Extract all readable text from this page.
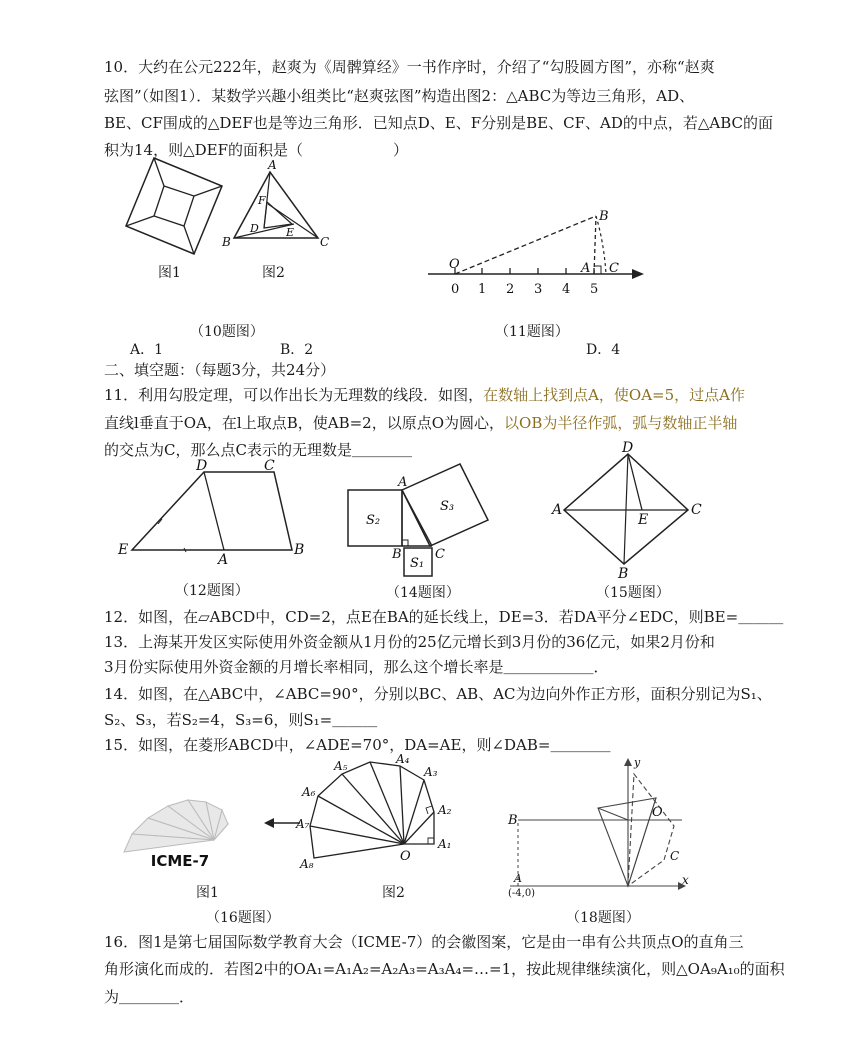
10．大约在公元222年，赵爽为《周髀算经》一书作序时，介绍了“勾股圆方图”，亦称“赵爽
弦图”（如图1）．某数学兴趣小组类比“赵爽弦图”构造出图2：△ABC为等边三角形，AD、
BE、CF围成的△DEF也是等边三角形．已知点D、E、F分别是BE、CF、AD的中点，若△ABC的面
积为14，则△DEF的面积是（　　　　　　）
图1
A
B	C
D E
F
图2
O	A
B
C
0 1 2 3 4 5
（10题图）	（11题图）
A．1	B．2	D．4
二、填空题：（每题3分，共24分）
11．利用勾股定理，可以作出长为无理数的线段．如图，在数轴上找到点A，使OA=5，过点A作
直线l垂直于OA，在l上取点B，使AB=2，以原点O为圆心，以OB为半径作弧，弧与数轴正半轴
的交点为C，那么点C表示的无理数是＿＿＿＿
D	C
E
A
B
A
B	C
S₂
S₃
S₁
D
A
E
C
B
（12题图）	（14题图）	（15题图）
12．如图，在▱ABCD中，CD=2，点E在BA的延长线上，DE=3．若DA平分∠EDC，则BE=＿＿＿
13．上海某开发区实际使用外资金额从1月份的25亿元增长到3月份的36亿元，如果2月份和
3月份实际使用外资金额的月增长率相同，那么这个增长率是＿＿＿＿＿＿．
14．如图，在△ABC中，∠ABC=90°，分别以BC、AB、AC为边向外作正方形，面积分别记为S₁、
S₂、S₃，若S₂=4，S₃=6，则S₁=＿＿＿
15．如图，在菱形ABCD中，∠ADE=70°，DA=AE，则∠DAB=＿＿＿＿
ICME-7
图1
A₁
A₂
A₃
A₄
A₅
A₆
A₇
A₈	O
图2
y
B
O
C
x
A
(-4,0)
（16题图）	（18题图）
16．图1是第七届国际数学教育大会（ICME-7）的会徽图案，它是由一串有公共顶点O的直角三
角形演化而成的．若图2中的OA₁=A₁A₂=A₂A₃=A₃A₄=…=1，按此规律继续演化，则△OA₉A₁₀的面积
为＿＿＿＿．
